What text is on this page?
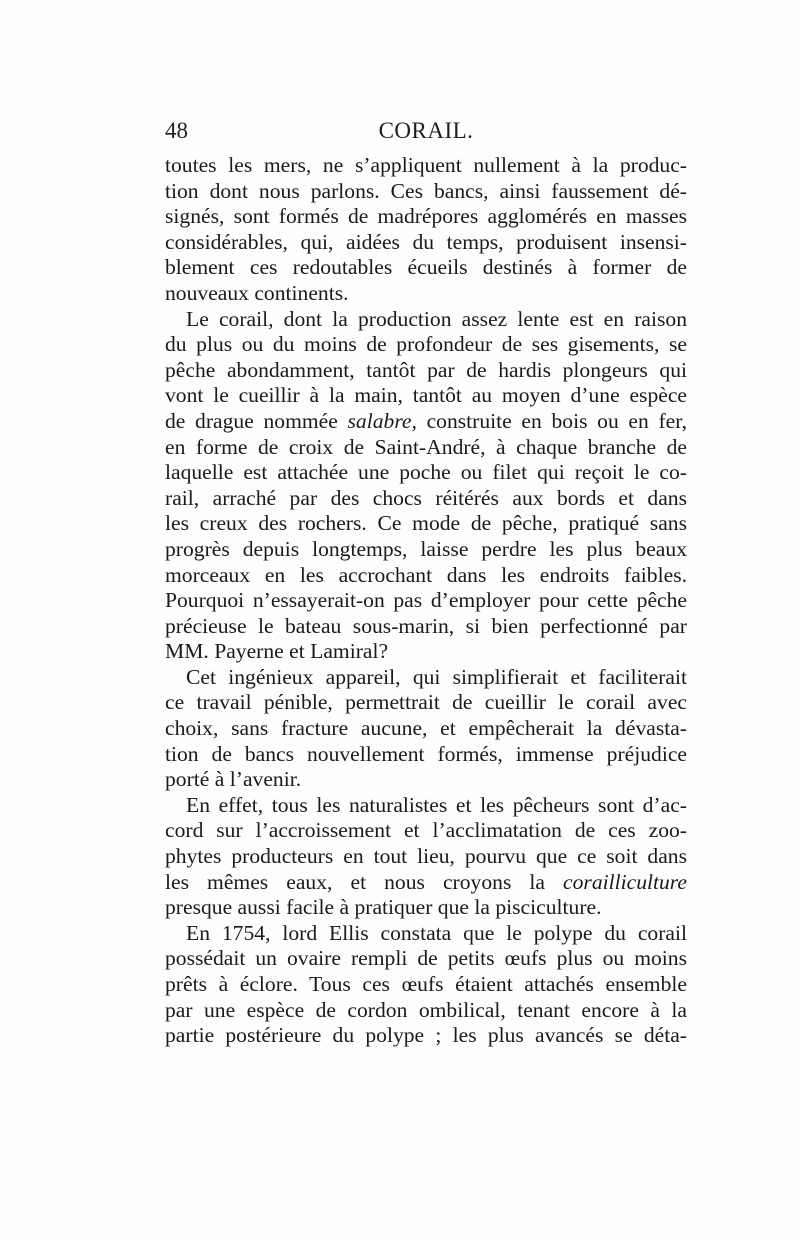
48	CORAIL.
toutes les mers, ne s’appliquent nullement à la produc-
tion dont nous parlons. Ces bancs, ainsi faussement dé-
signés, sont formés de madrépores agglomérés en masses
considérables, qui, aidées du temps, produisent insensi-
blement ces redoutables écueils destinés à former de
nouveaux continents.
Le corail, dont la production assez lente est en raison
du plus ou du moins de profondeur de ses gisements, se
pêche abondamment, tantôt par de hardis plongeurs qui
vont le cueillir à la main, tantôt au moyen d’une espèce
de drague nommée salabre, construite en bois ou en fer,
en forme de croix de Saint-André, à chaque branche de
laquelle est attachée une poche ou filet qui reçoit le co-
rail, arraché par des chocs réitérés aux bords et dans
les creux des rochers. Ce mode de pêche, pratiqué sans
progrès depuis longtemps, laisse perdre les plus beaux
morceaux en les accrochant dans les endroits faibles.
Pourquoi n’essayerait-on pas d’employer pour cette pêche
précieuse le bateau sous-marin, si bien perfectionné par
MM. Payerne et Lamiral?
Cet ingénieux appareil, qui simplifierait et faciliterait
ce travail pénible, permettrait de cueillir le corail avec
choix, sans fracture aucune, et empêcherait la dévasta-
tion de bancs nouvellement formés, immense préjudice
porté à l’avenir.
En effet, tous les naturalistes et les pêcheurs sont d’ac-
cord sur l’accroissement et l’acclimatation de ces zoo-
phytes producteurs en tout lieu, pourvu que ce soit dans
les mêmes eaux, et nous croyons la corailliculture
presque aussi facile à pratiquer que la pisciculture.
En 1754, lord Ellis constata que le polype du corail
possédait un ovaire rempli de petits œufs plus ou moins
prêts à éclore. Tous ces œufs étaient attachés ensemble
par une espèce de cordon ombilical, tenant encore à la
partie postérieure du polype ; les plus avancés se déta-
